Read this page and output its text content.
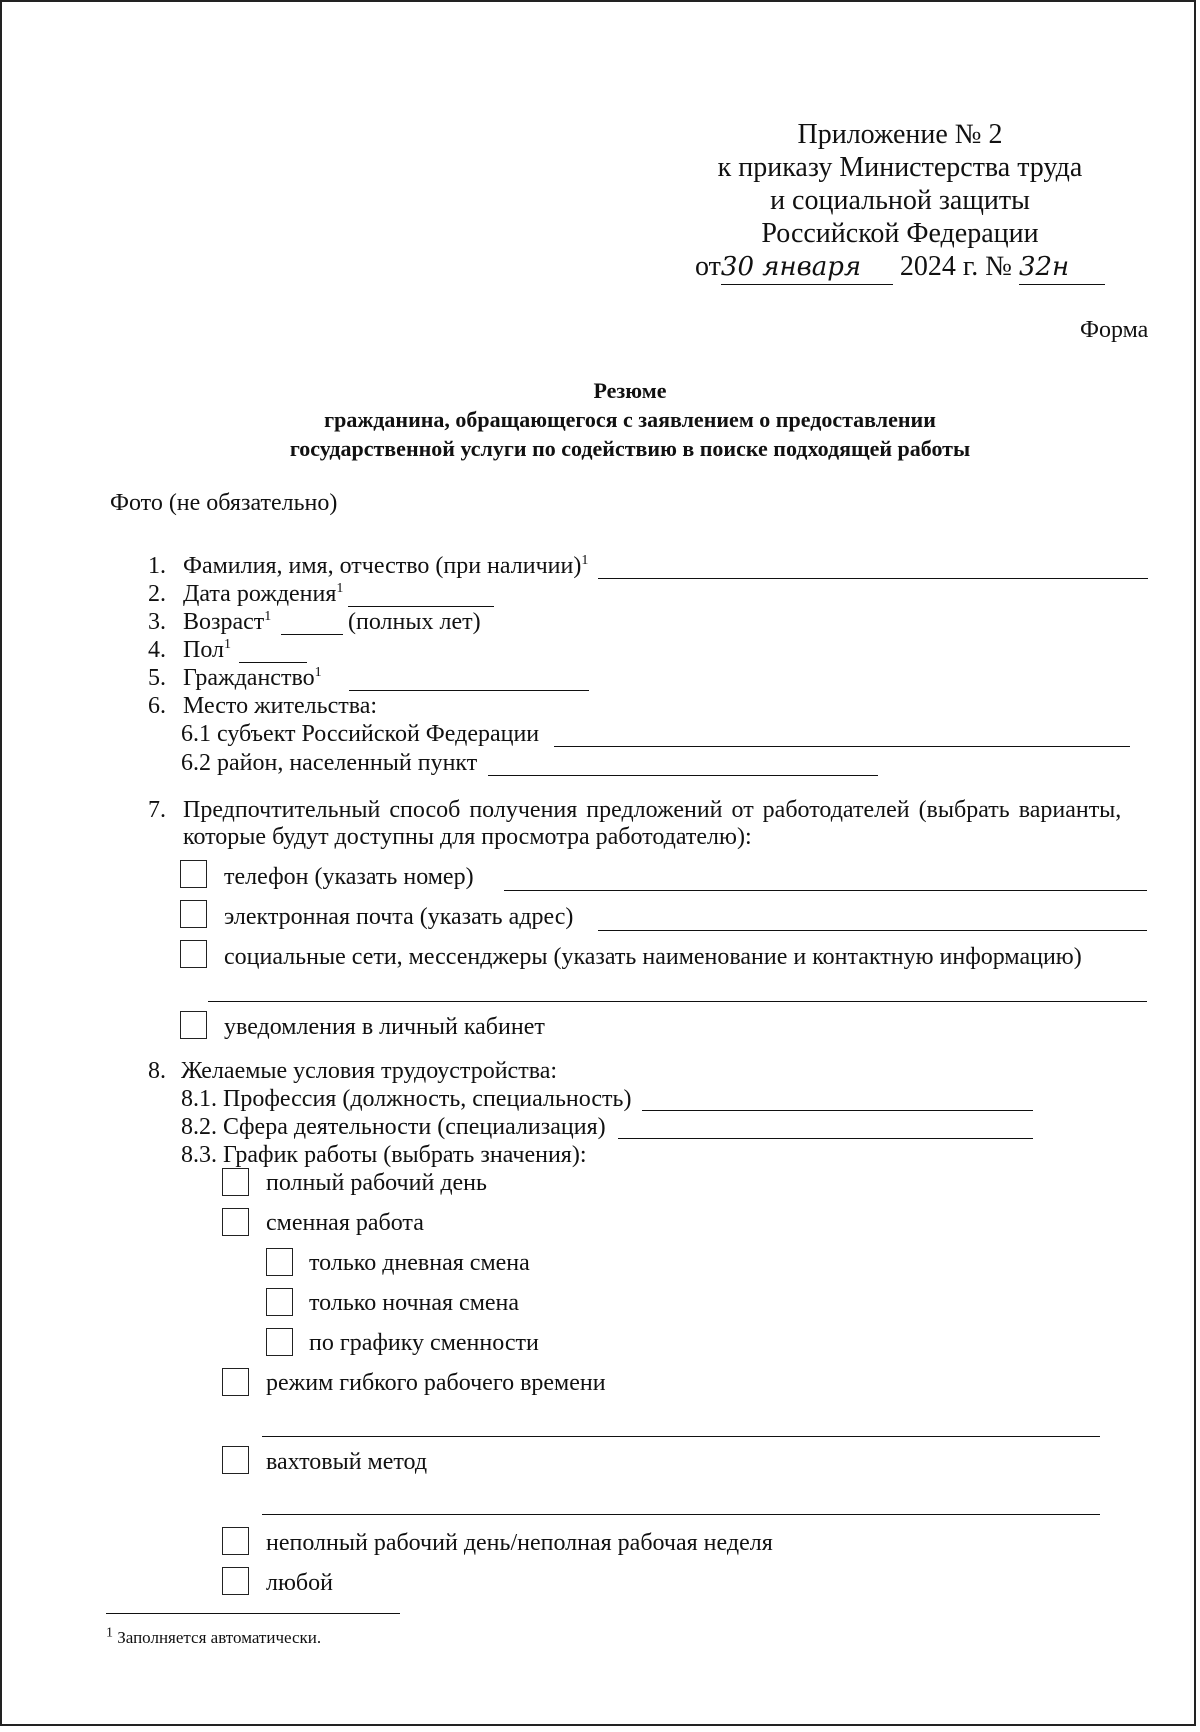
Приложение № 2
к приказу Министерства труда
и социальной защиты
Российской Федерации
от30 января 2024 г. № 32н
Форма
Резюме
гражданина, обращающегося с заявлением о предоставлении
государственной услуги по содействию в поиске подходящей работы
Фото (не обязательно)
1. Фамилия, имя, отчество (при наличии)$^1$
2. Дата рождения$^1$
3. Возраст$^1$	(полных лет)
4. Пол$^1$
5. Гражданство$^1$
6. Место жительства:
6.1 субъект Российской Федерации
6.2 район, населенный пункт
7. Предпочтительный способ получения предложений от работодателей (выбрать варианты,
которые будут доступны для просмотра работодателю):
телефон (указать номер)
электронная почта (указать адрес)
социальные сети, мессенджеры (указать наименование и контактную информацию)
уведомления в личный кабинет
8. Желаемые условия трудоустройства:
8.1. Профессия (должность, специальность)
8.2. Сфера деятельности (специализация)
8.3. График работы (выбрать значения):
полный рабочий день
сменная работа
только дневная смена
только ночная смена
по графику сменности
режим гибкого рабочего времени
вахтовый метод
неполный рабочий день/неполная рабочая неделя
любой
$^1$ Заполняется автоматически.
